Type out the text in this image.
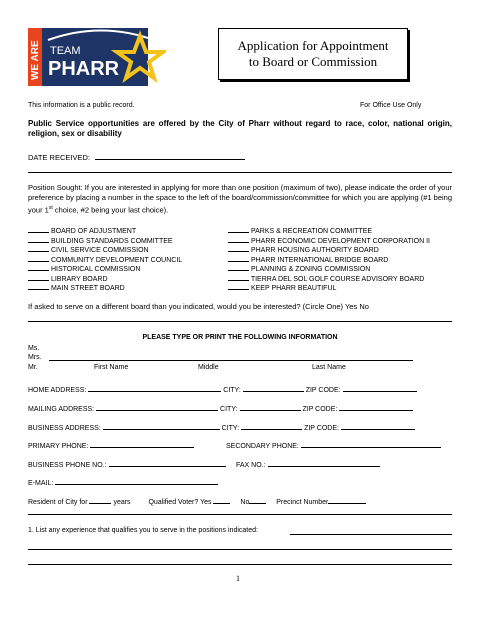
WE ARE TEAM
PHARR
Application for Appointment
to Board or Commission
This information is a public record.	For Office Use Only
Public Service opportunities are offered by the City of Pharr without regard to race, color, national origin, religion, sex or disability
DATE RECEIVED:
Position Sought: If you are interested in applying for more than one position (maximum of two), please indicate the order of your preference by placing a number in the space to the left of the board/commission/committee for which you are applying (#1 being your 1st choice, #2 being your last choice).
BOARD OF ADJUSTMENT
BUILDING STANDARDS COMMITTEE
CIVIL SERVICE COMMISSION
COMMUNITY DEVELOPMENT COUNCIL
HISTORICAL COMMISSION
LIBRARY BOARD
MAIN STREET BOARD
PARKS & RECREATION COMMITTEE
PHARR ECONOMIC DEVELOPMENT CORPORATION II
PHARR HOUSING AUTHORITY BOARD
PHARR INTERNATIONAL BRIDGE BOARD
PLANNING & ZONING COMMISSION
TIERRA DEL SOL GOLF COURSE ADVISORY BOARD
KEEP PHARR BEAUTIFUL
If asked to serve on a different board than you indicated, would you be interested? (Circle One) Yes No
PLEASE TYPE OR PRINT THE FOLLOWING INFORMATION
Ms.
Mrs.
Mr.	First Name	Middle	Last Name
HOME ADDRESS:	CITY:	ZIP CODE:
MAILING ADDRESS:	CITY:	ZIP CODE:
BUSINESS ADDRESS:	CITY:	ZIP CODE:
PRIMARY PHONE:	SECONDARY PHONE:
BUSINESS PHONE NO.:	FAX NO.:
E-MAIL:
Resident of City for	years	Qualified Voter? Yes	No	Precinct Number
1. List any experience that qualifies you to serve in the positions indicated:
1
